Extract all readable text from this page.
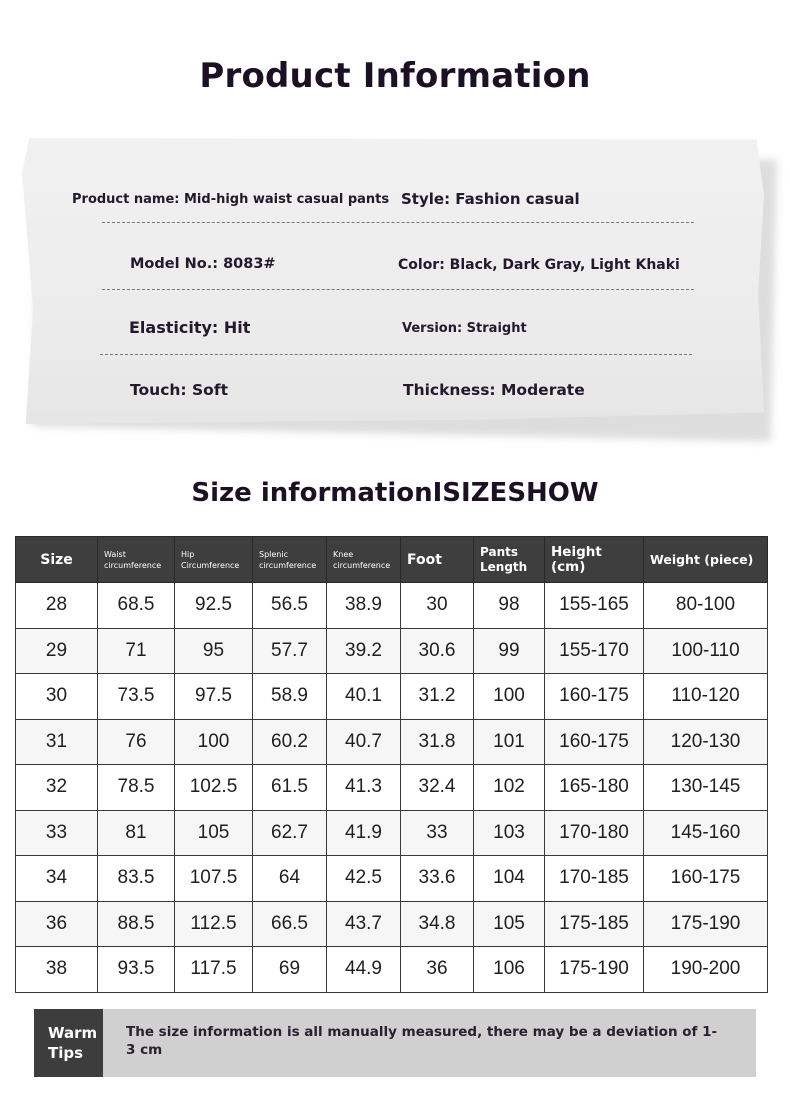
Product Information
Product name: Mid-high waist casual pants Style: Fashion casual
Model No.: 8083#	Color: Black, Dark Gray, Light Khaki
Elasticity: Hit	Version: Straight
Touch: Soft	Thickness: Moderate
Size informationISIZESHOW
Size	Waist circumference	Hip Circumference	Splenic circumference	Knee circumference	Foot	Pants Length	Height (cm)	Weight (piece)
28	68.5	92.5	56.5	38.9	30	98	155-165	80-100
29	71	95	57.7	39.2	30.6	99	155-170	100-110
30	73.5	97.5	58.9	40.1	31.2	100	160-175	110-120
31	76	100	60.2	40.7	31.8	101	160-175	120-130
32	78.5	102.5	61.5	41.3	32.4	102	165-180	130-145
33	81	105	62.7	41.9	33	103	170-180	145-160
34	83.5	107.5	64	42.5	33.6	104	170-185	160-175
36	88.5	112.5	66.5	43.7	34.8	105	175-185	175-190
38	93.5	117.5	69	44.9	36	106	175-190	190-200
Warm
Tips
The size information is all manually measured, there may be a deviation of 1-3 cm
